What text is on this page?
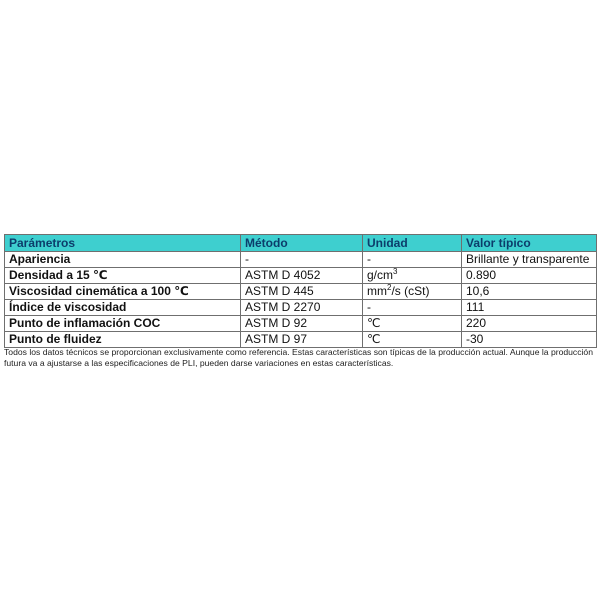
Parámetros	Método	Unidad	Valor típico
Apariencia	-	-	Brillante y transparente
Densidad a 15 ℃	ASTM D 4052	$g/cm^3$	0.890
Viscosidad cinemática a 100 ℃	ASTM D 445	$mm^2/s$ (cSt)	10,6
Índice de viscosidad	ASTM D 2270	-	111
Punto de inflamación COC	ASTM D 92	℃	220
Punto de fluidez	ASTM D 97	℃	-30

Todos los datos técnicos se proporcionan exclusivamente como referencia. Estas características son típicas de la producción actual. Aunque la producción futura va a ajustarse a las especificaciones de PLI, pueden darse variaciones en estas características.
